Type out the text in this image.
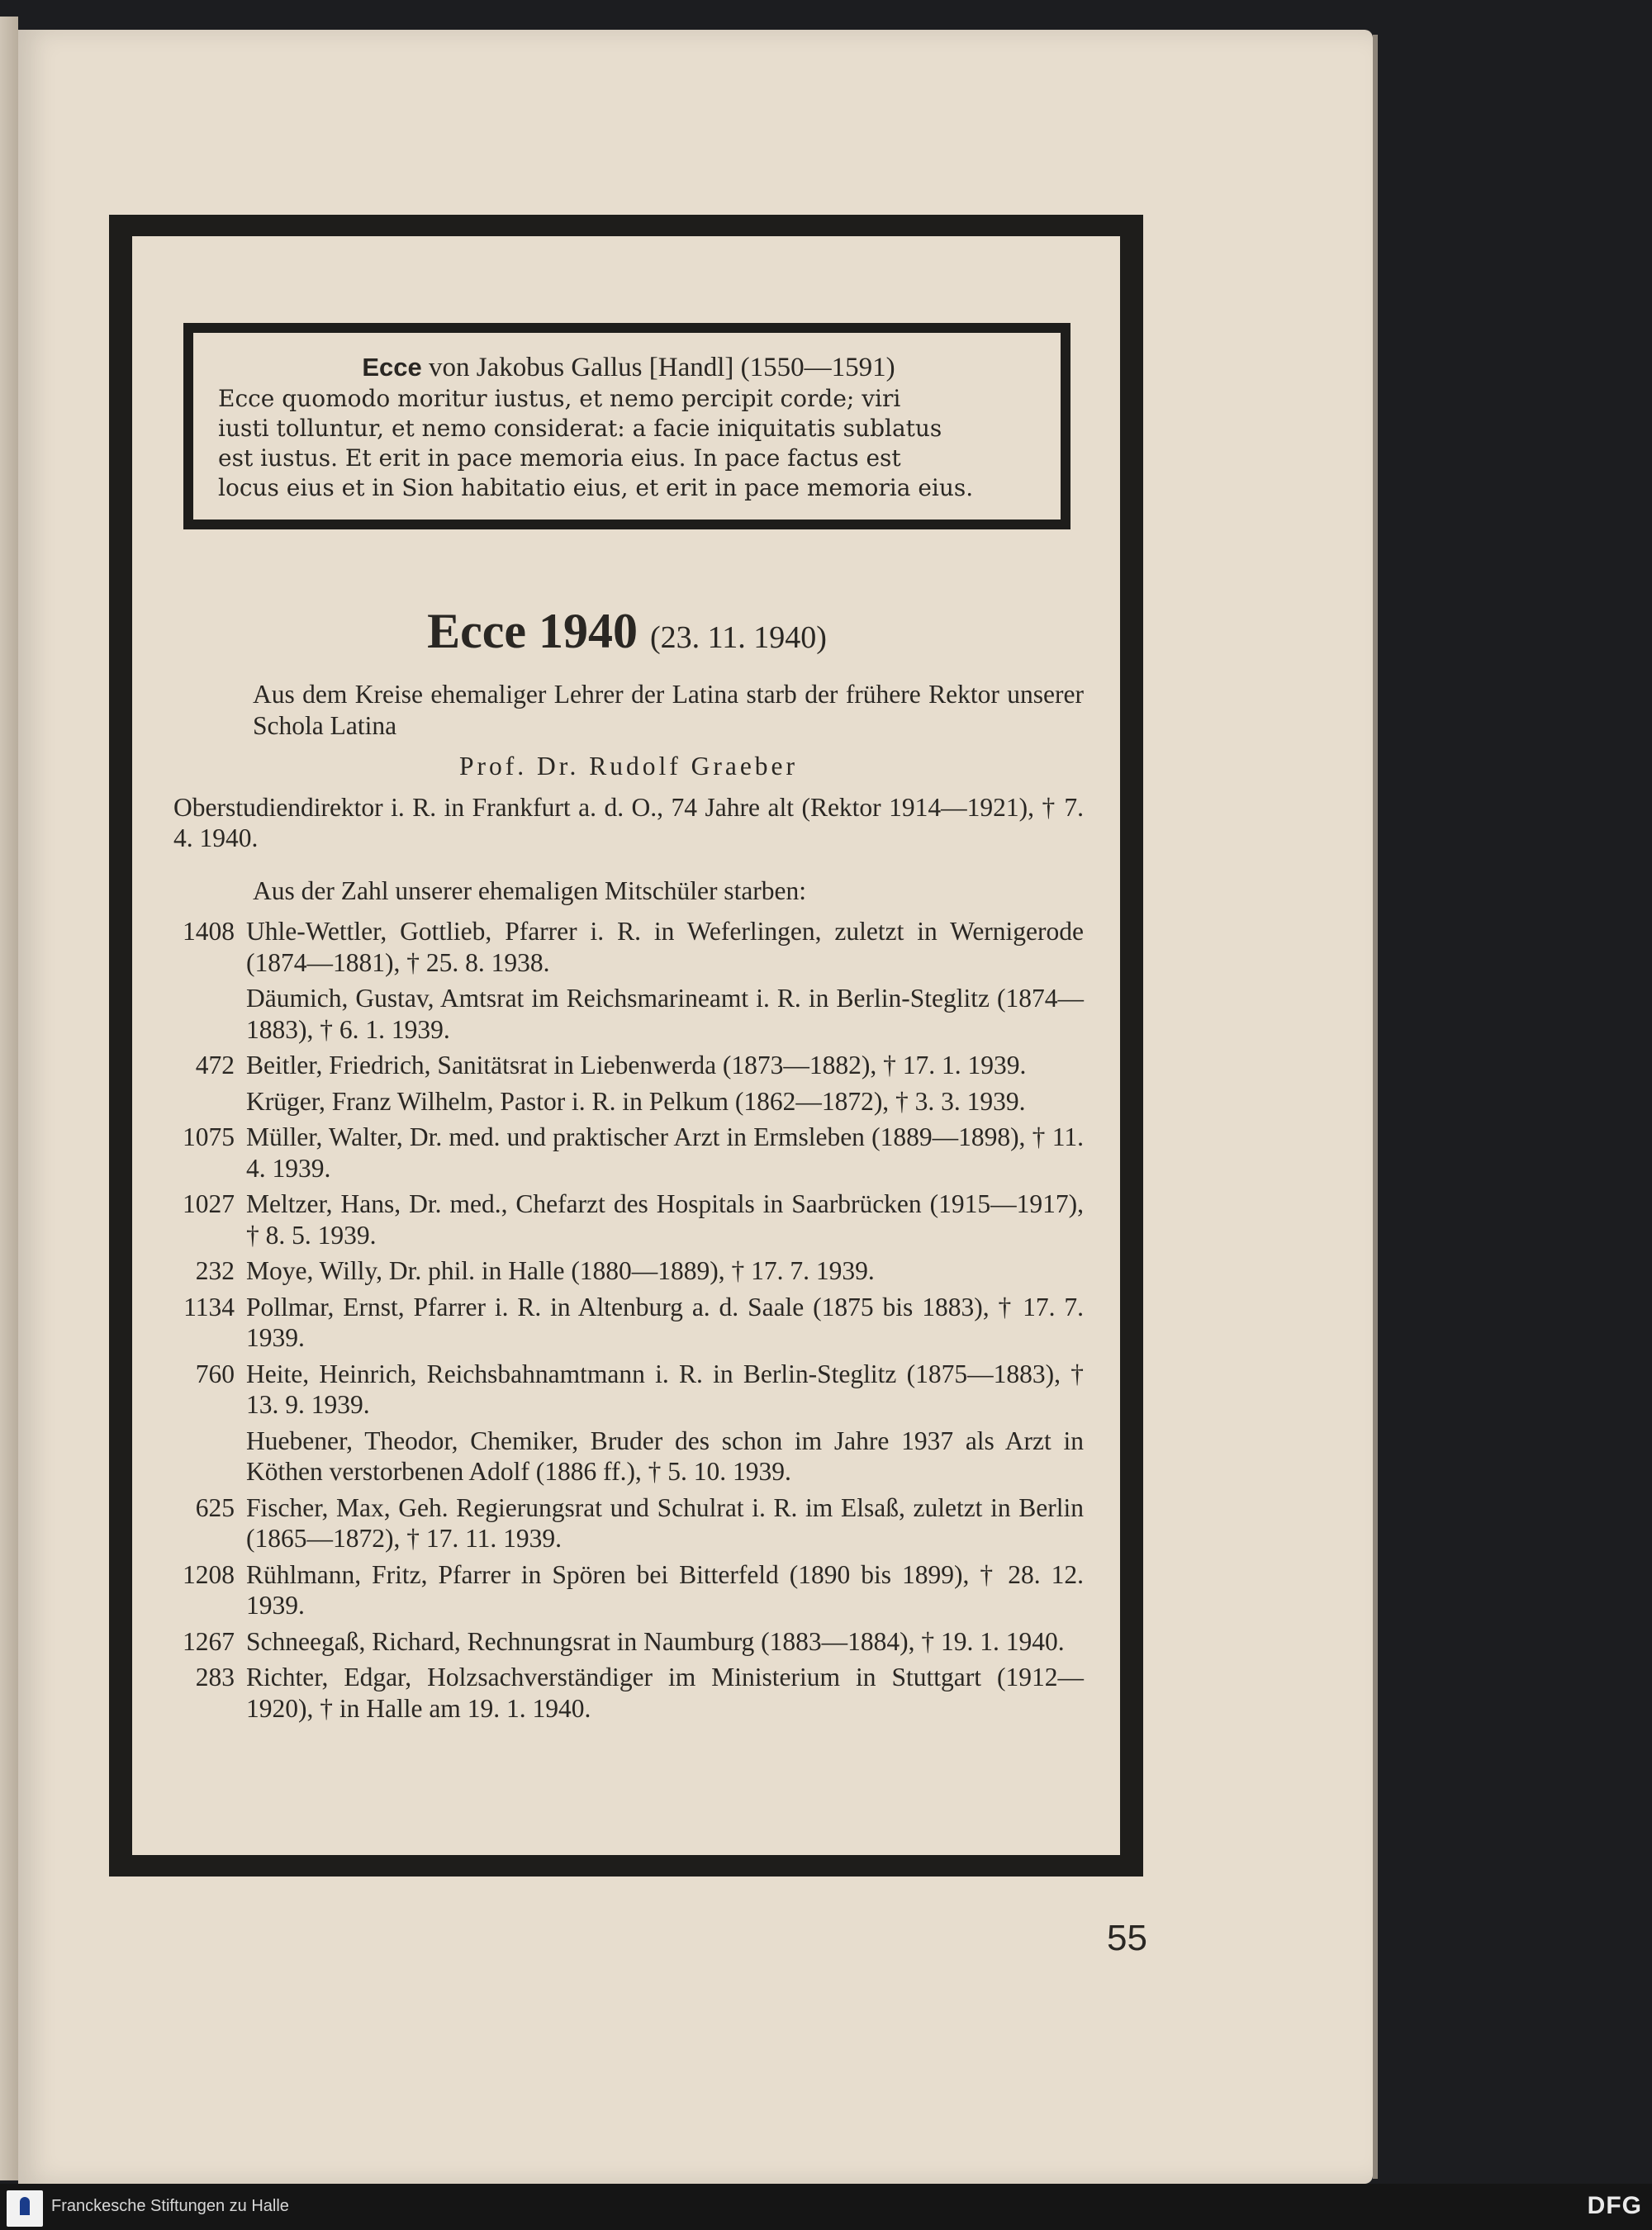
Ecce von Jakobus Gallus [Handl] (1550—1591)
Ecce quomodo moritur iustus, et nemo percipit corde; viri
iusti tolluntur, et nemo considerat: a facie iniquitatis sublatus
est iustus. Et erit in pace memoria eius. In pace factus est
locus eius et in Sion habitatio eius, et erit in pace memoria eius.
Ecce 1940 (23. 11. 1940)

Aus dem Kreise ehemaliger Lehrer der Latina starb der frühere Rektor unserer Schola Latina

Prof. Dr. Rudolf Graeber

Oberstudiendirektor i. R. in Frankfurt a. d. O., 74 Jahre alt (Rektor 1914—1921), † 7. 4. 1940.

Aus der Zahl unserer ehemaligen Mitschüler starben:

1408 Uhle-Wettler, Gottlieb, Pfarrer i. R. in Weferlingen, zuletzt in Wernigerode (1874—1881), † 25. 8. 1938.
Däumich, Gustav, Amtsrat im Reichsmarineamt i. R. in Berlin-Steglitz (1874—1883), † 6. 1. 1939.
472 Beitler, Friedrich, Sanitätsrat in Liebenwerda (1873—1882), † 17. 1. 1939.
Krüger, Franz Wilhelm, Pastor i. R. in Pelkum (1862—1872), † 3. 3. 1939.
1075 Müller, Walter, Dr. med. und praktischer Arzt in Ermsleben (1889—1898), † 11. 4. 1939.
1027 Meltzer, Hans, Dr. med., Chefarzt des Hospitals in Saarbrücken (1915—1917), † 8. 5. 1939.
232 Moye, Willy, Dr. phil. in Halle (1880—1889), † 17. 7. 1939.
1134 Pollmar, Ernst, Pfarrer i. R. in Altenburg a. d. Saale (1875 bis 1883), † 17. 7. 1939.
760 Heite, Heinrich, Reichsbahnamtmann i. R. in Berlin-Steglitz (1875—1883), † 13. 9. 1939.
Huebener, Theodor, Chemiker, Bruder des schon im Jahre 1937 als Arzt in Köthen verstorbenen Adolf (1886 ff.), † 5. 10. 1939.
625 Fischer, Max, Geh. Regierungsrat und Schulrat i. R. im Elsaß, zuletzt in Berlin (1865—1872), † 17. 11. 1939.
1208 Rühlmann, Fritz, Pfarrer in Spören bei Bitterfeld (1890 bis 1899), † 28. 12. 1939.
1267 Schneegaß, Richard, Rechnungsrat in Naumburg (1883—1884), † 19. 1. 1940.
283 Richter, Edgar, Holzsachverständiger im Ministerium in Stuttgart (1912—1920), † in Halle am 19. 1. 1940.
55
Franckesche Stiftungen zu Halle	DFG
